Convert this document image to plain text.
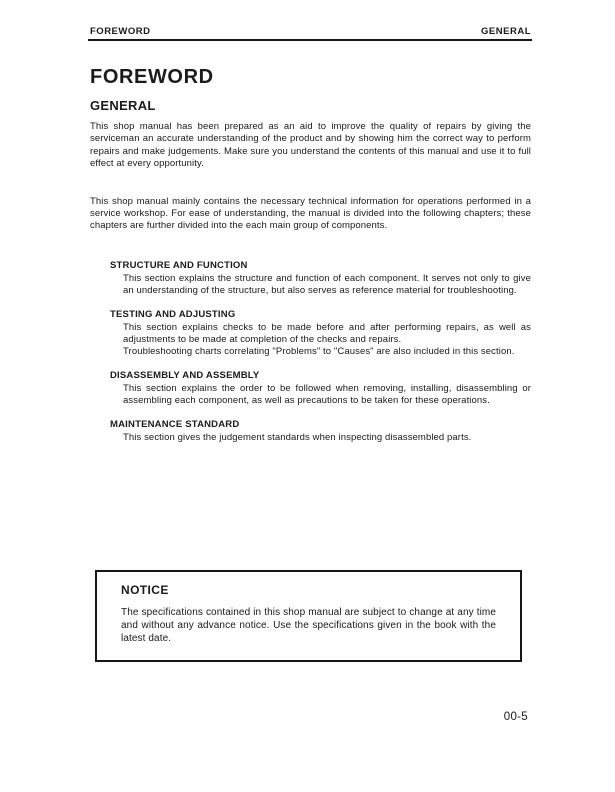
FOREWORD	GENERAL
FOREWORD
GENERAL

This shop manual has been prepared as an aid to improve the quality of repairs by giving the serviceman an accurate understanding of the product and by showing him the correct way to perform repairs and make judgements. Make sure you understand the contents of this manual and use it to full effect at every opportunity.

This shop manual mainly contains the necessary technical information for operations performed in a service workshop. For ease of understanding, the manual is divided into the following chapters; these chapters are further divided into the each main group of components.

STRUCTURE AND FUNCTION

This section explains the structure and function of each component. It serves not only to give an understanding of the structure, but also serves as reference material for troubleshooting.

TESTING AND ADJUSTING

This section explains checks to be made before and after performing repairs, as well as adjustments to be made at completion of the checks and repairs.

Troubleshooting charts correlating "Problems" to "Causes" are also included in this section.

DISASSEMBLY AND ASSEMBLY

This section explains the order to be followed when removing, installing, disassembling or assembling each component, as well as precautions to be taken for these operations.

MAINTENANCE STANDARD

This section gives the judgement standards when inspecting disassembled parts.

NOTICE

The specifications contained in this shop manual are subject to change at any time and without any advance notice. Use the specifications given in the book with the latest date.

00-5
